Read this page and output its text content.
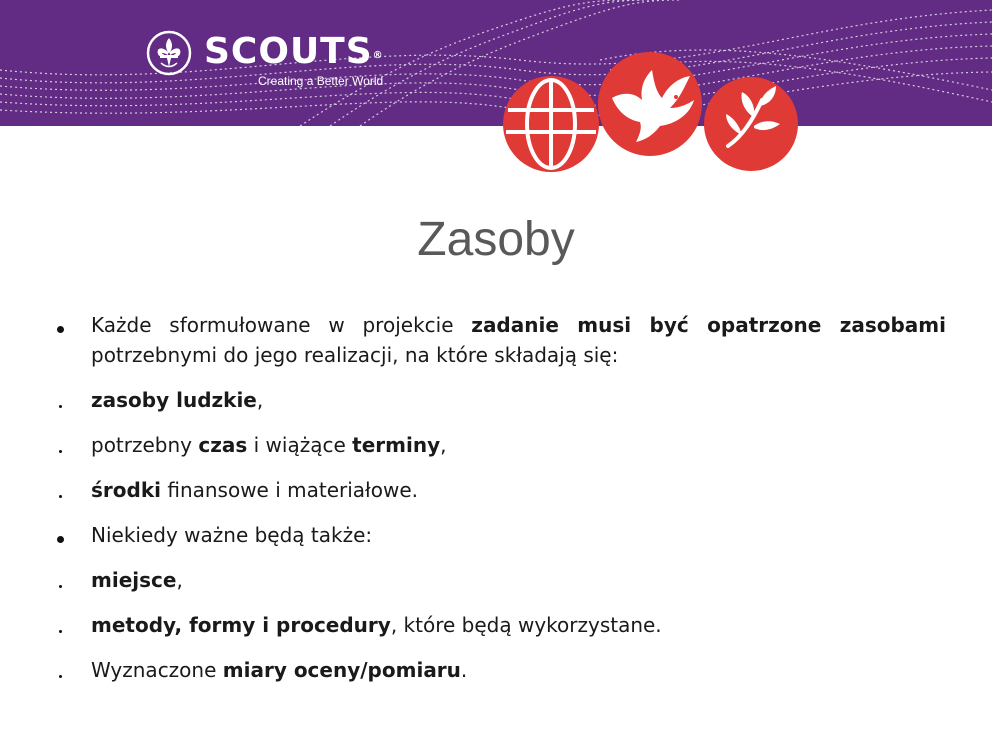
SCOUTS®
Creating a Better World
Zasoby

Każde sformułowane w projekcie zadanie musi być opatrzone zasobami potrzebnymi do jego realizacji, na które składają się:

zasoby ludzkie,

potrzebny czas i wiążące terminy,

środki finansowe i materiałowe.

Niekiedy ważne będą także:

miejsce,

metody, formy i procedury, które będą wykorzystane.

Wyznaczone miary oceny/pomiaru.
